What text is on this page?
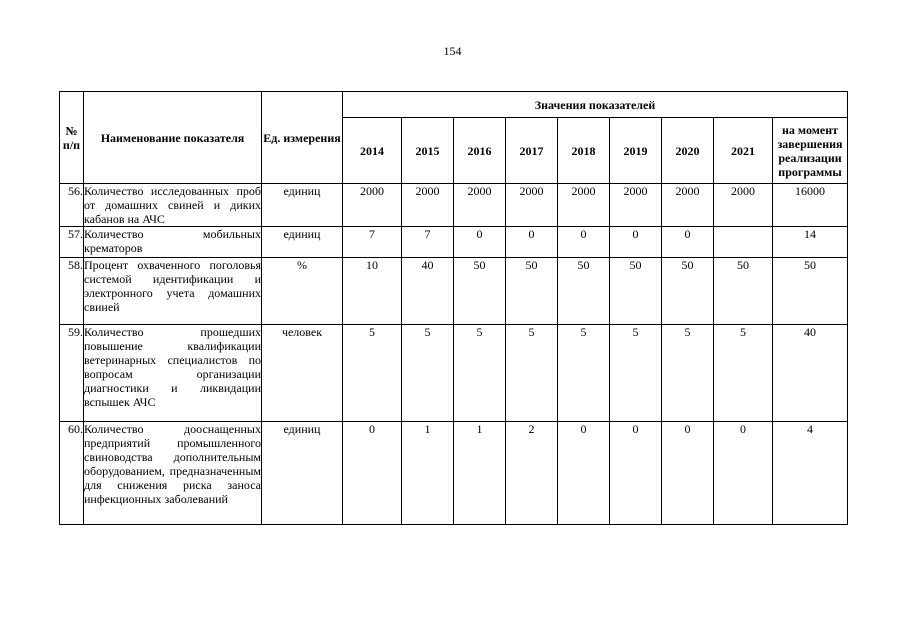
154
№ п/п	Наименование показателя	Ед. измерения	Значения показателей								
			2014	2015	2016	2017	2018	2019	2020	2021	на момент завершения реализации программы
56.	Количество исследованных проб от домашних свиней и диких кабанов на АЧС	единиц	2000	2000	2000	2000	2000	2000	2000	2000	16000
57.	Количество мобильных крематоров	единиц	7	7	0	0	0	0	0		14
58.	Процент охваченного поголовья системой идентификации и электронного учета домашних свиней	%	10	40	50	50	50	50	50	50	50
59.	Количество прошедших повышение квалификации ветеринарных специалистов по вопросам организации диагностики и ликвидации вспышек АЧС	человек	5	5	5	5	5	5	5	5	40
60.	Количество дооснащенных предприятий промышленного свиноводства дополнительным оборудованием, предназначенным для снижения риска заноса инфекционных заболеваний	единиц	0	1	1	2	0	0	0	0	4
